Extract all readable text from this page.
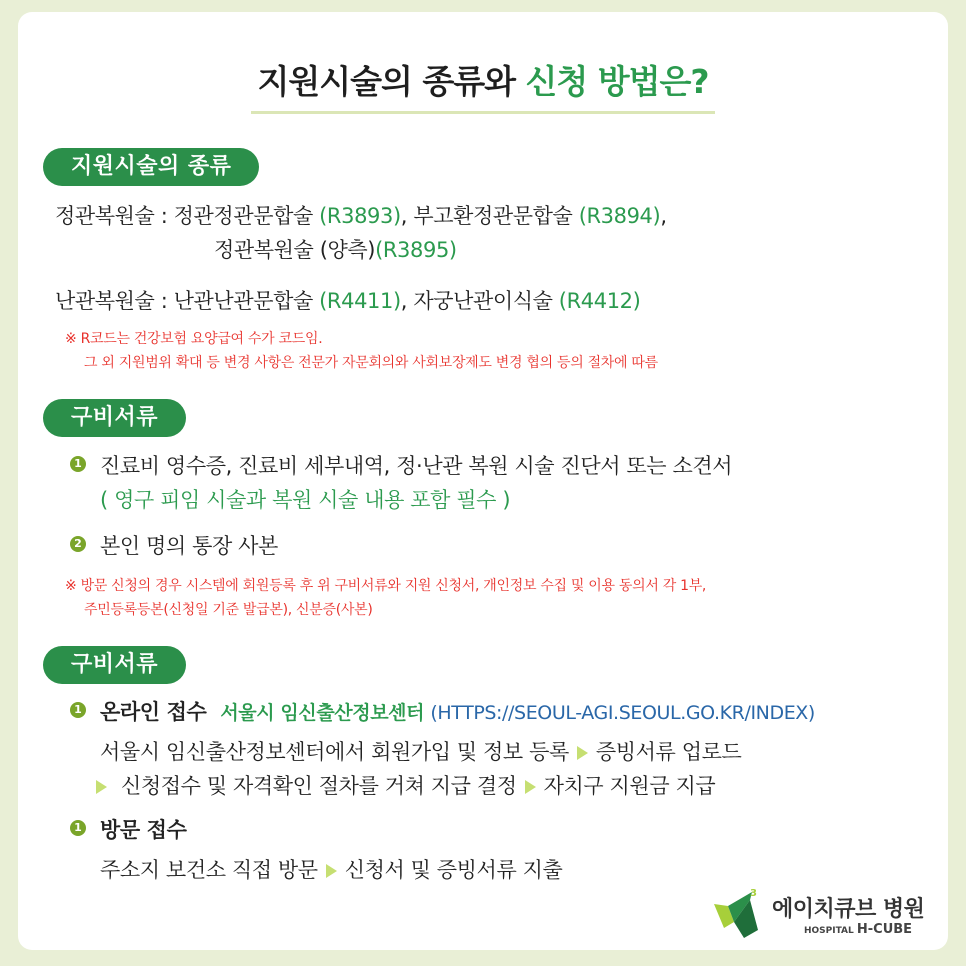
지원시술의 종류와 신청 방법은?
지원시술의 종류
정관복원술 : 정관정관문합술 (R3893), 부고환정관문합술 (R3894),
정관복원술 (양측)(R3895)
난관복원술 : 난관난관문합술 (R4411), 자궁난관이식술 (R4412)
※ R코드는 건강보험 요양급여 수가 코드임.
그 외 지원범위 확대 등 변경 사항은 전문가 자문회의와 사회보장제도 변경 협의 등의 절차에 따름
구비서류
1 진료비 영수증, 진료비 세부내역, 정·난관 복원 시술 진단서 또는 소견서
( 영구 피임 시술과 복원 시술 내용 포함 필수 )
2 본인 명의 통장 사본
※ 방문 신청의 경우 시스템에 회원등록 후 위 구비서류와 지원 신청서, 개인정보 수집 및 이용 동의서 각 1부,
주민등록등본(신청일 기준 발급본), 신분증(사본)
구비서류
1 온라인 접수 서울시 임신출산정보센터 (HTTPS://SEOUL-AGI.SEOUL.GO.KR/INDEX)
서울시 임신출산정보센터에서 회원가입 및 정보 등록 증빙서류 업로드
신청접수 및 자격확인 절차를 거쳐 지급 결정 자치구 지원금 지급
1 방문 접수
주소지 보건소 직접 방문 신청서 및 증빙서류 지출
3
에이치큐브 병원
HOSPITAL H-CUBE
